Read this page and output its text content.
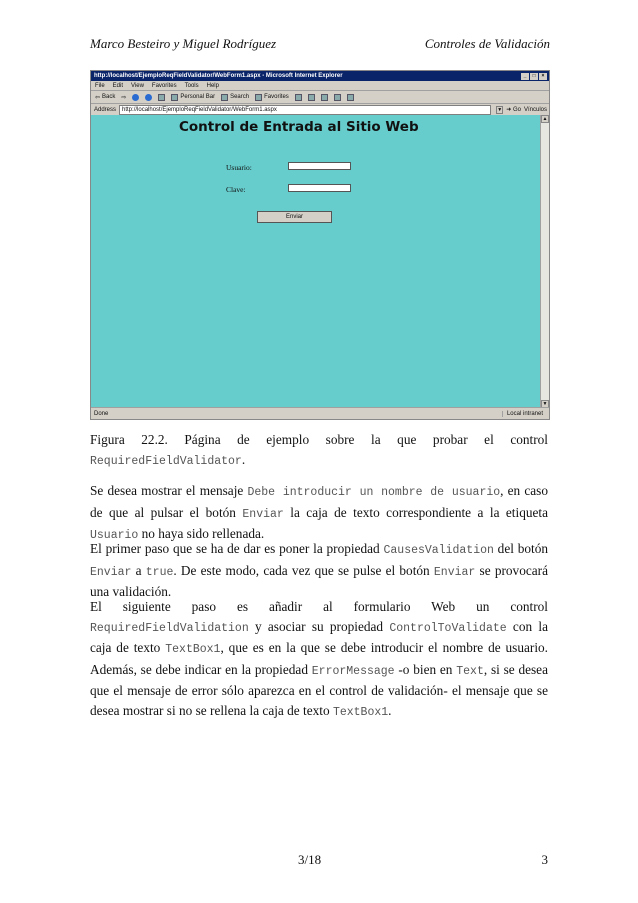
Marco Besteiro y Miguel Rodríguez	Controles de Validación
http://localhost/EjemploReqFieldValidator/WebForm1.aspx - Microsoft Internet Explorer	_	□	×
File Edit View Favorites Tools Help
⇦ Back ⇨	Personal Bar	Search	Favorites
Address http://localhost/EjemploReqFieldValidator/WebForm1.aspx	▼ ➜ Go Vínculos
Control de Entrada al Sitio Web
Usuario:
Clave:
Enviar
▲
▼
Done	Local intranet
Figura 22.2. Página de ejemplo sobre la que probar el control
RequiredFieldValidator.
Se desea mostrar el mensaje Debe introducir un nombre de usuario, en caso de que al pulsar el botón Enviar la caja de texto correspondiente a la etiqueta Usuario no haya sido rellenada.
El primer paso que se ha de dar es poner la propiedad CausesValidation del botón Enviar a true. De este modo, cada vez que se pulse el botón Enviar se provocará una validación.
El siguiente paso es añadir al formulario Web un control RequiredFieldValidation y asociar su propiedad ControlToValidate con la caja de texto TextBox1, que es en la que se debe introducir el nombre de usuario. Además, se debe indicar en la propiedad ErrorMessage -o bien en Text, si se desea que el mensaje de error sólo aparezca en el control de validación- el mensaje que se desea mostrar si no se rellena la caja de texto TextBox1.
3/18	3
